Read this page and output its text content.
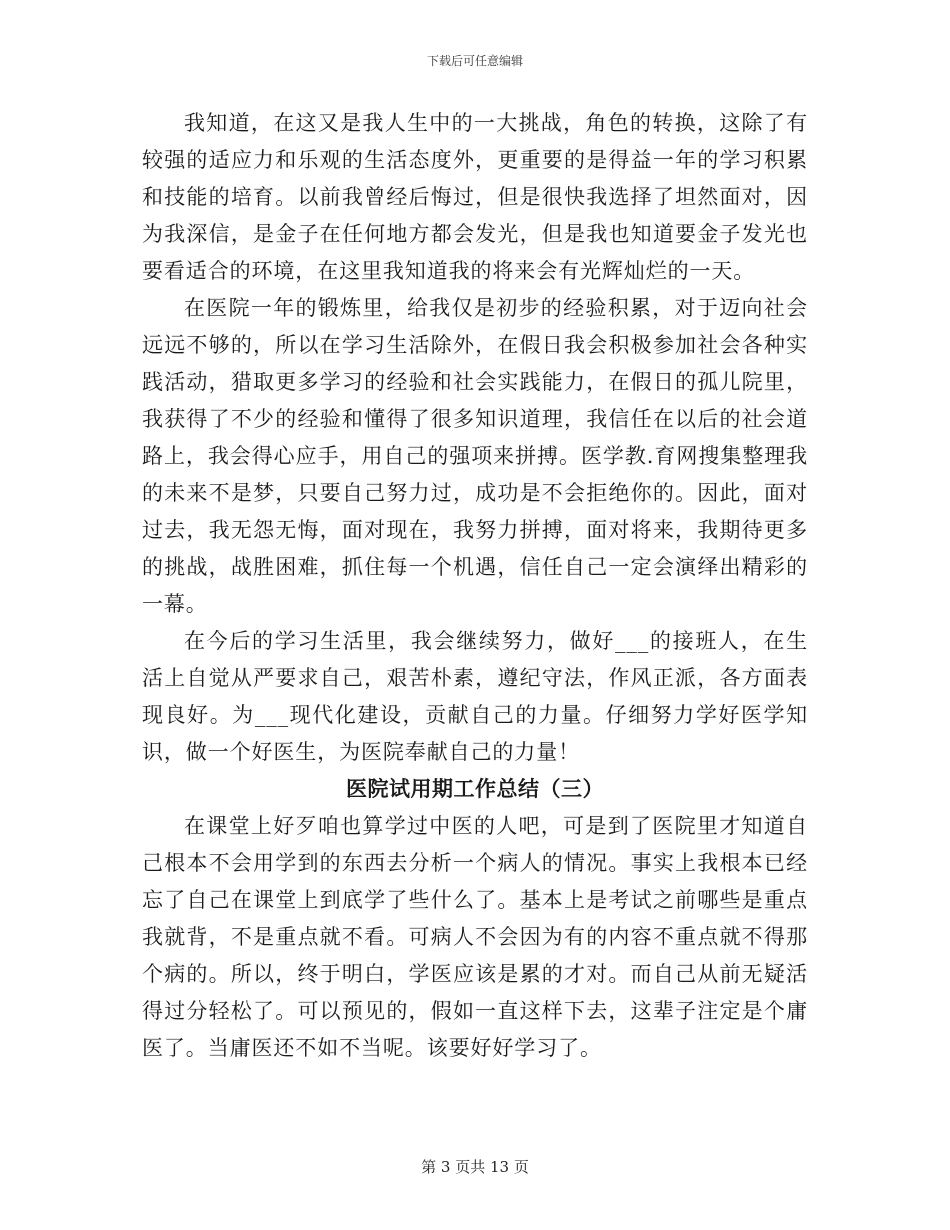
下载后可任意编辑

我知道，在这又是我人生中的一大挑战，角色的转换，这除了有较强的适应力和乐观的生活态度外，更重要的是得益一年的学习积累和技能的培育。以前我曾经后悔过，但是很快我选择了坦然面对，因为我深信，是金子在任何地方都会发光，但是我也知道要金子发光也要看适合的环境，在这里我知道我的将来会有光辉灿烂的一天。

在医院一年的锻炼里，给我仅是初步的经验积累，对于迈向社会远远不够的，所以在学习生活除外，在假日我会积极参加社会各种实践活动，猎取更多学习的经验和社会实践能力，在假日的孤儿院里，我获得了不少的经验和懂得了很多知识道理，我信任在以后的社会道路上，我会得心应手，用自己的强项来拼搏。医学教.育网搜集整理我的未来不是梦，只要自己努力过，成功是不会拒绝你的。因此，面对过去，我无怨无悔，面对现在，我努力拼搏，面对将来，我期待更多的挑战，战胜困难，抓住每一个机遇，信任自己一定会演绎出精彩的一幕。

在今后的学习生活里，我会继续努力，做好___的接班人，在生活上自觉从严要求自己，艰苦朴素，遵纪守法，作风正派，各方面表现良好。为___现代化建设，贡献自己的力量。仔细努力学好医学知识，做一个好医生，为医院奉献自己的力量！

医院试用期工作总结（三）

在课堂上好歹咱也算学过中医的人吧，可是到了医院里才知道自己根本不会用学到的东西去分析一个病人的情况。事实上我根本已经忘了自己在课堂上到底学了些什么了。基本上是考试之前哪些是重点我就背，不是重点就不看。可病人不会因为有的内容不重点就不得那个病的。所以，终于明白，学医应该是累的才对。而自己从前无疑活得过分轻松了。可以预见的，假如一直这样下去，这辈子注定是个庸医了。当庸医还不如不当呢。该要好好学习了。

第 3 页共 13 页
